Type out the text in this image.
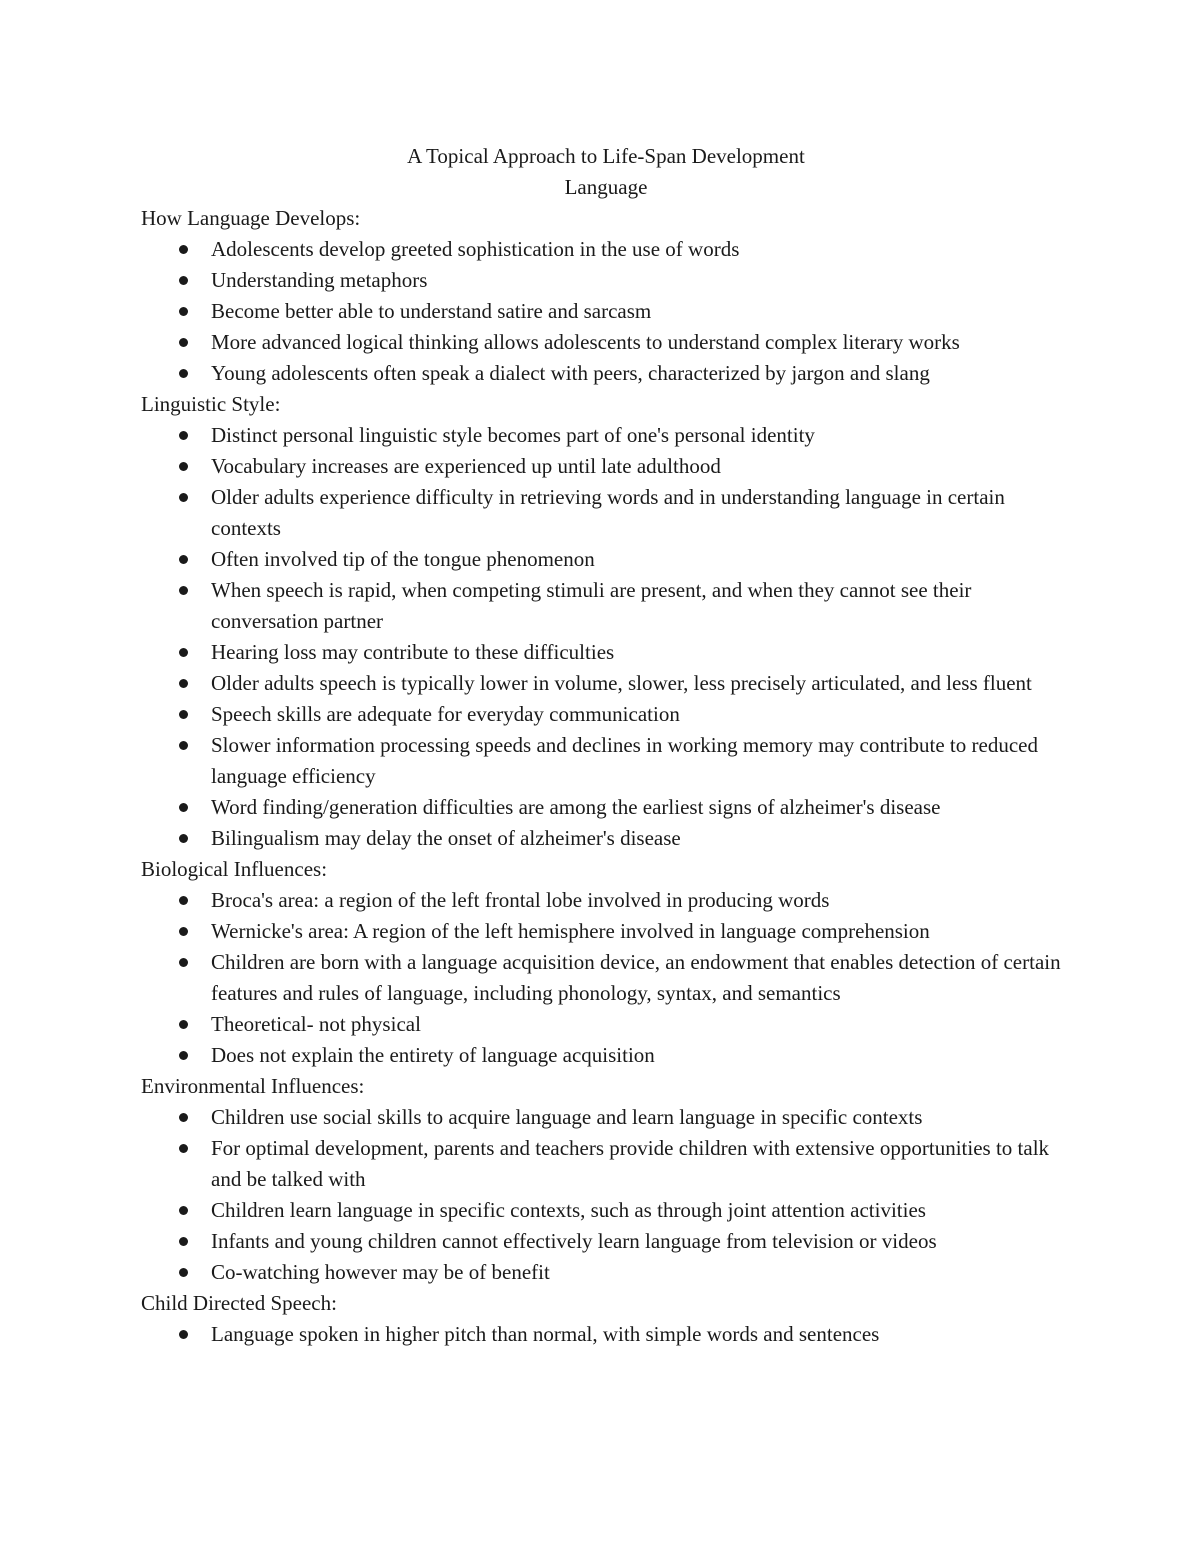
A Topical Approach to Life-Span Development
Language
How Language Develops:
Adolescents develop greeted sophistication in the use of words
Understanding metaphors
Become better able to understand satire and sarcasm
More advanced logical thinking allows adolescents to understand complex literary works
Young adolescents often speak a dialect with peers, characterized by jargon and slang
Linguistic Style:
Distinct personal linguistic style becomes part of one's personal identity
Vocabulary increases are experienced up until late adulthood
Older adults experience difficulty in retrieving words and in understanding language in certain contexts
Often involved tip of the tongue phenomenon
When speech is rapid, when competing stimuli are present, and when they cannot see their conversation partner
Hearing loss may contribute to these difficulties
Older adults speech is typically lower in volume, slower, less precisely articulated, and less fluent
Speech skills are adequate for everyday communication
Slower information processing speeds and declines in working memory may contribute to reduced language efficiency
Word finding/generation difficulties are among the earliest signs of alzheimer's disease
Bilingualism may delay the onset of alzheimer's disease
Biological Influences:
Broca's area: a region of the left frontal lobe involved in producing words
Wernicke's area: A region of the left hemisphere involved in language comprehension
Children are born with a language acquisition device, an endowment that enables detection of certain features and rules of language, including phonology, syntax, and semantics
Theoretical- not physical
Does not explain the entirety of language acquisition
Environmental Influences:
Children use social skills to acquire language and learn language in specific contexts
For optimal development, parents and teachers provide children with extensive opportunities to talk and be talked with
Children learn language in specific contexts, such as through joint attention activities
Infants and young children cannot effectively learn language from television or videos
Co-watching however may be of benefit
Child Directed Speech:
Language spoken in higher pitch than normal, with simple words and sentences
